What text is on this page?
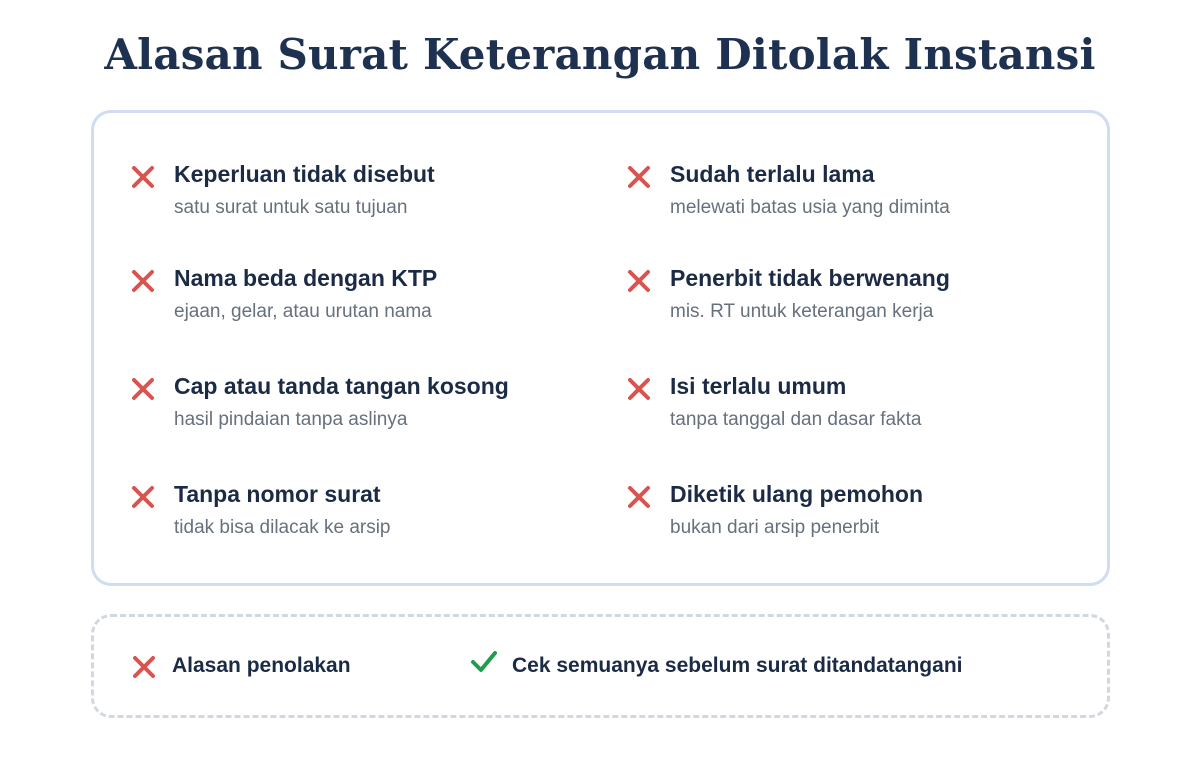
Alasan Surat Keterangan Ditolak Instansi
Keperluan tidak disebut
satu surat untuk satu tujuan
Nama beda dengan KTP
ejaan, gelar, atau urutan nama
Cap atau tanda tangan kosong
hasil pindaian tanpa aslinya
Tanpa nomor surat
tidak bisa dilacak ke arsip
Sudah terlalu lama
melewati batas usia yang diminta
Penerbit tidak berwenang
mis. RT untuk keterangan kerja
Isi terlalu umum
tanpa tanggal dan dasar fakta
Diketik ulang pemohon
bukan dari arsip penerbit
Alasan penolakan	Cek semuanya sebelum surat ditandatangani
